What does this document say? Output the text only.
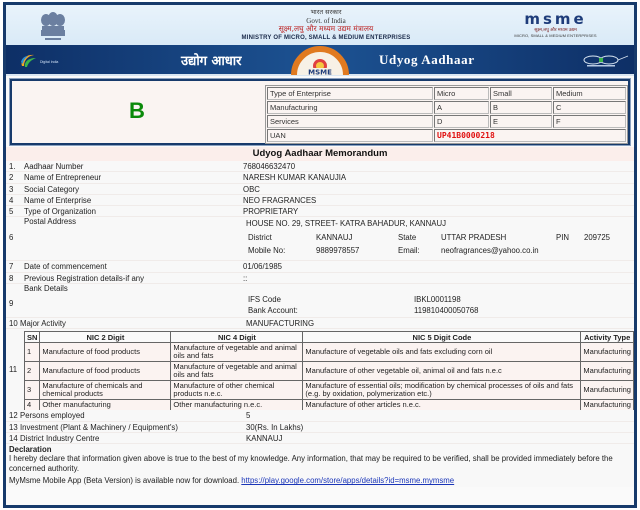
भारत सरकार
Govt. of India
सूक्ष्म,लघु और मध्यम उद्यम मंत्रालय
MINISTRY OF MICRO, SMALL & MEDIUM ENTERPRISES
msme
सूक्ष्म,लघु और मध्यम उद्यम
MICRO, SMALL & MEDIUM ENTERPRISES
Digital India	उद्योग आधार
MSME
Udyog Aadhaar
B
Type of Enterprise	Micro	Small	Medium
Manufacturing	A	B	C
Services	D	E	F
UAN	UP41B0000218		
Udyog Aadhaar Memorandum
1. Aadhaar Number	768046632470
2 Name of Entrepreneur	NARESH KUMAR KANAUJIA
3 Social Category	OBC
4 Name of Enterprise	NEO FRAGRANCES
5 Type of Organization	PROPRIETARY
6
Postal Address	HOUSE NO. 29, STREET- KATRA BAHADUR, KANNAUJ
District	KANNAUJ	State	UTTAR PRADESH	PIN 209725
Mobile No:	9889978557	Email:	neofragrances@yahoo.co.in
7 Date of commencement	01/06/1985
8 Previous Registration details-if any	::
9
Bank Details
IFS Code	IBKL0001198
Bank Account:	119810400050768
10 Major Activity	MANUFACTURING
11
SN	NIC 2 Digit	NIC 4 Digit	NIC 5 Digit Code	Activity Type
1	Manufacture of food products	Manufacture of vegetable and animal oils and fats	Manufacture of vegetable oils and fats excluding corn oil	Manufacturing
2	Manufacture of food products	Manufacture of vegetable and animal oils and fats	Manufacture of other vegetable oil, animal oil and fats n.e.c	Manufacturing
3	Manufacture of chemicals and chemical products	Manufacture of other chemical products n.e.c.	Manufacture of essential oils; modification by chemical processes of oils and fats (e.g. by oxidation, polymerization etc.)	Manufacturing
4	Other manufacturing	Other manufacturing n.e.c.	Manufacture of other articles n.e.c.	Manufacturing
12 Persons employed	5
13 Investment (Plant & Machinery / Equipment's)	30(Rs. In Lakhs)
14 District Industry Centre	KANNAUJ
Declaration
I hereby declare that information given above is true to the best of my knowledge. Any information, that may be required to be verified, shall be provided immediately before the concerned authority.
MyMsme Mobile App (Beta Version) is available now for download. https://play.google.com/store/apps/details?id=msme.mymsme
